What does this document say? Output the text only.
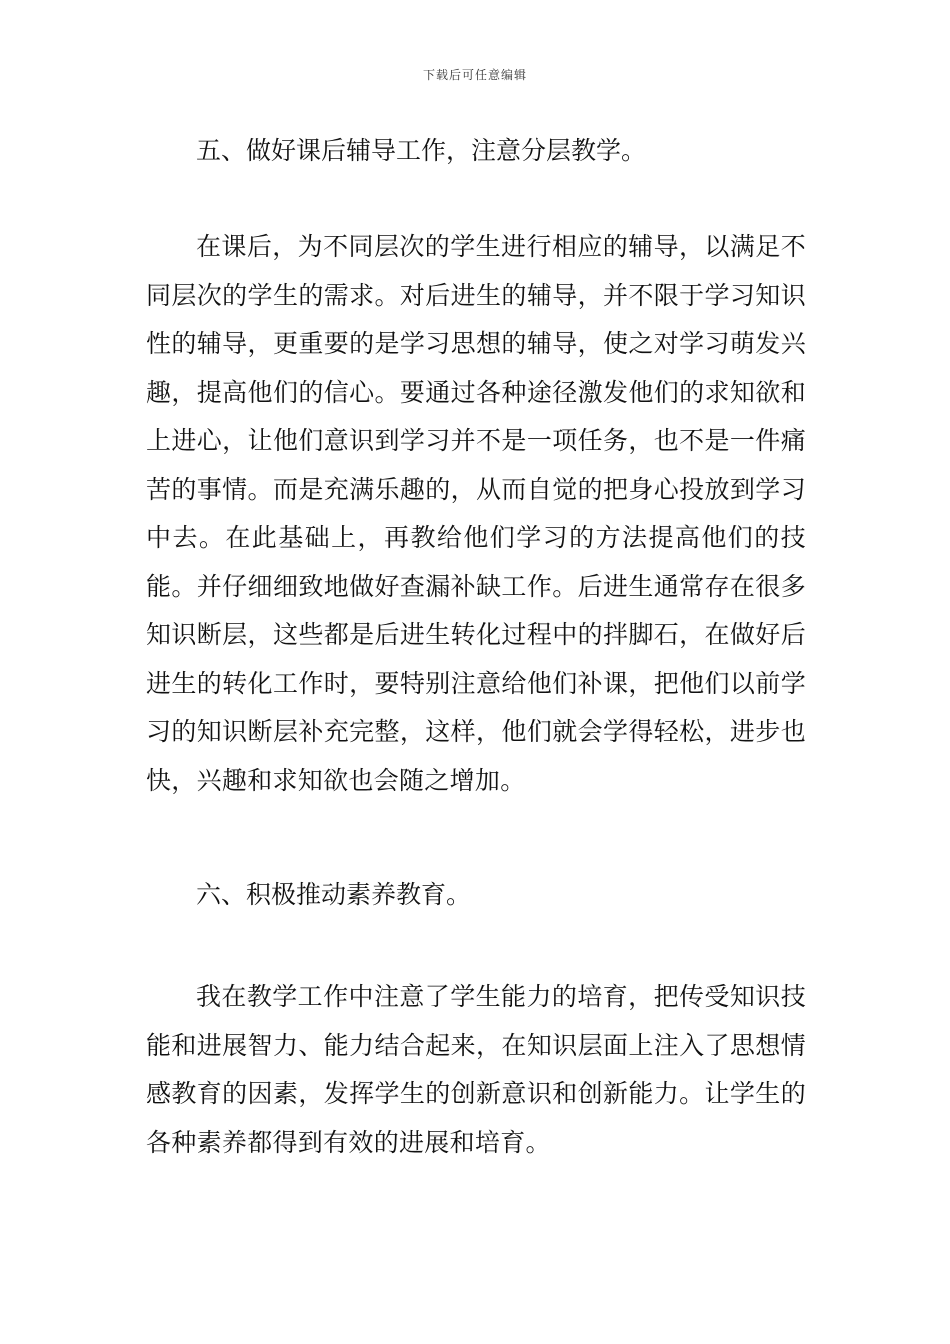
下载后可任意编辑
五、做好课后辅导工作，注意分层教学。
在课后，为不同层次的学生进行相应的辅导，以满足不同层次的学生的需求。对后进生的辅导，并不限于学习知识性的辅导，更重要的是学习思想的辅导，使之对学习萌发兴趣，提高他们的信心。要通过各种途径激发他们的求知欲和上进心，让他们意识到学习并不是一项任务，也不是一件痛苦的事情。而是充满乐趣的，从而自觉的把身心投放到学习中去。在此基础上，再教给他们学习的方法提高他们的技能。并仔细细致地做好查漏补缺工作。后进生通常存在很多知识断层，这些都是后进生转化过程中的拌脚石，在做好后进生的转化工作时，要特别注意给他们补课，把他们以前学习的知识断层补充完整，这样，他们就会学得轻松，进步也快，兴趣和求知欲也会随之增加。
六、积极推动素养教育。
我在教学工作中注意了学生能力的培育，把传受知识技能和进展智力、能力结合起来，在知识层面上注入了思想情感教育的因素，发挥学生的创新意识和创新能力。让学生的各种素养都得到有效的进展和培育。
